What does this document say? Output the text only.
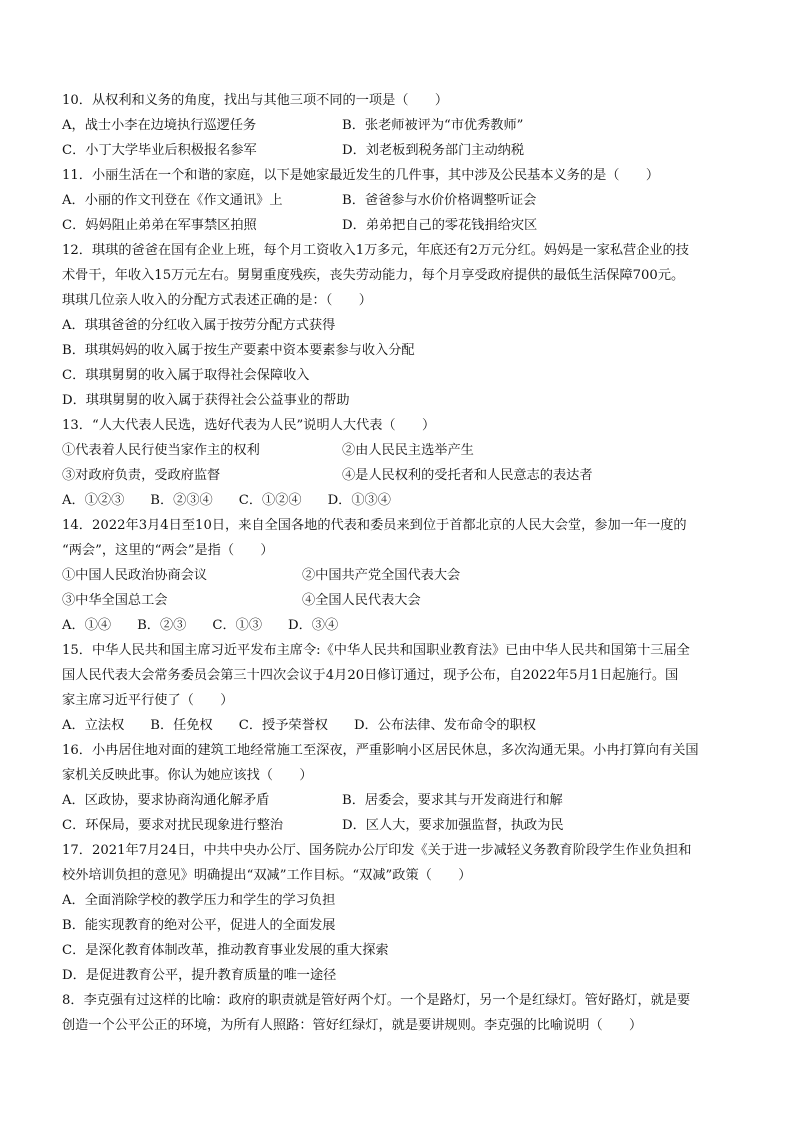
10．从权利和义务的角度，找出与其他三项不同的一项是（　　）
A，战士小李在边境执行巡逻任务	B．张老师被评为“市优秀教师”
C．小丁大学毕业后积极报名参军	D．刘老板到税务部门主动纳税
11．小丽生活在一个和谐的家庭，以下是她家最近发生的几件事，其中涉及公民基本义务的是（　　）
A．小丽的作文刊登在《作文通讯》上	B．爸爸参与水价价格调整听证会
C．妈妈阻止弟弟在军事禁区拍照	D．弟弟把自己的零花钱捐给灾区
12．琪琪的爸爸在国有企业上班，每个月工资收入1万多元，年底还有2万元分红。妈妈是一家私营企业的技
术骨干，年收入15万元左右。舅舅重度残疾，丧失劳动能力，每个月享受政府提供的最低生活保障700元。
琪琪几位亲人收入的分配方式表述正确的是：（　　）
A．琪琪爸爸的分红收入属于按劳分配方式获得
B．琪琪妈妈的收入属于按生产要素中资本要素参与收入分配
C．琪琪舅舅的收入属于取得社会保障收入
D．琪琪舅舅的收入属于获得社会公益事业的帮助
13．“人大代表人民选，选好代表为人民”说明人大代表（　　）
①代表着人民行使当家作主的权利	②由人民民主选举产生
③对政府负责，受政府监督	④是人民权利的受托者和人民意志的表达者
A．①②③ B．②③④ C．①②④ D．①③④
14．2022年3月4日至10日，来自全国各地的代表和委员来到位于首都北京的人民大会堂，参加一年一度的
“两会”，这里的“两会”是指（　　）
①中国人民政治协商会议	②中国共产党全国代表大会
③中华全国总工会	④全国人民代表大会
A．①④ B．②③ C．①③ D．③④
15．中华人民共和国主席习近平发布主席令:《中华人民共和国职业教育法》已由中华人民共和国第十三届全
国人民代表大会常务委员会第三十四次会议于4月20日修订通过，现予公布，自2022年5月1日起施行。国
家主席习近平行使了（　　）
A．立法权 B．任免权 C．授予荣誉权 D．公布法律、发布命令的职权
16．小冉居住地对面的建筑工地经常施工至深夜，严重影响小区居民休息，多次沟通无果。小冉打算向有关国
家机关反映此事。你认为她应该找（　　）
A．区政协，要求协商沟通化解矛盾	B．居委会，要求其与开发商进行和解
C．环保局，要求对扰民现象进行整治	D．区人大，要求加强监督，执政为民
17．2021年7月24日，中共中央办公厅、国务院办公厅印发《关于进一步减轻义务教育阶段学生作业负担和
校外培训负担的意见》明确提出“双减”工作目标。“双减”政策（　　）
A．全面消除学校的教学压力和学生的学习负担
B．能实现教育的绝对公平，促进人的全面发展
C．是深化教育体制改革，推动教育事业发展的重大探索
D．是促进教育公平，提升教育质量的唯一途径
8．李克强有过这样的比喻：政府的职责就是管好两个灯。一个是路灯，另一个是红绿灯。管好路灯，就是要
创造一个公平公正的环境，为所有人照路：管好红绿灯，就是要讲规则。李克强的比喻说明（　　）
